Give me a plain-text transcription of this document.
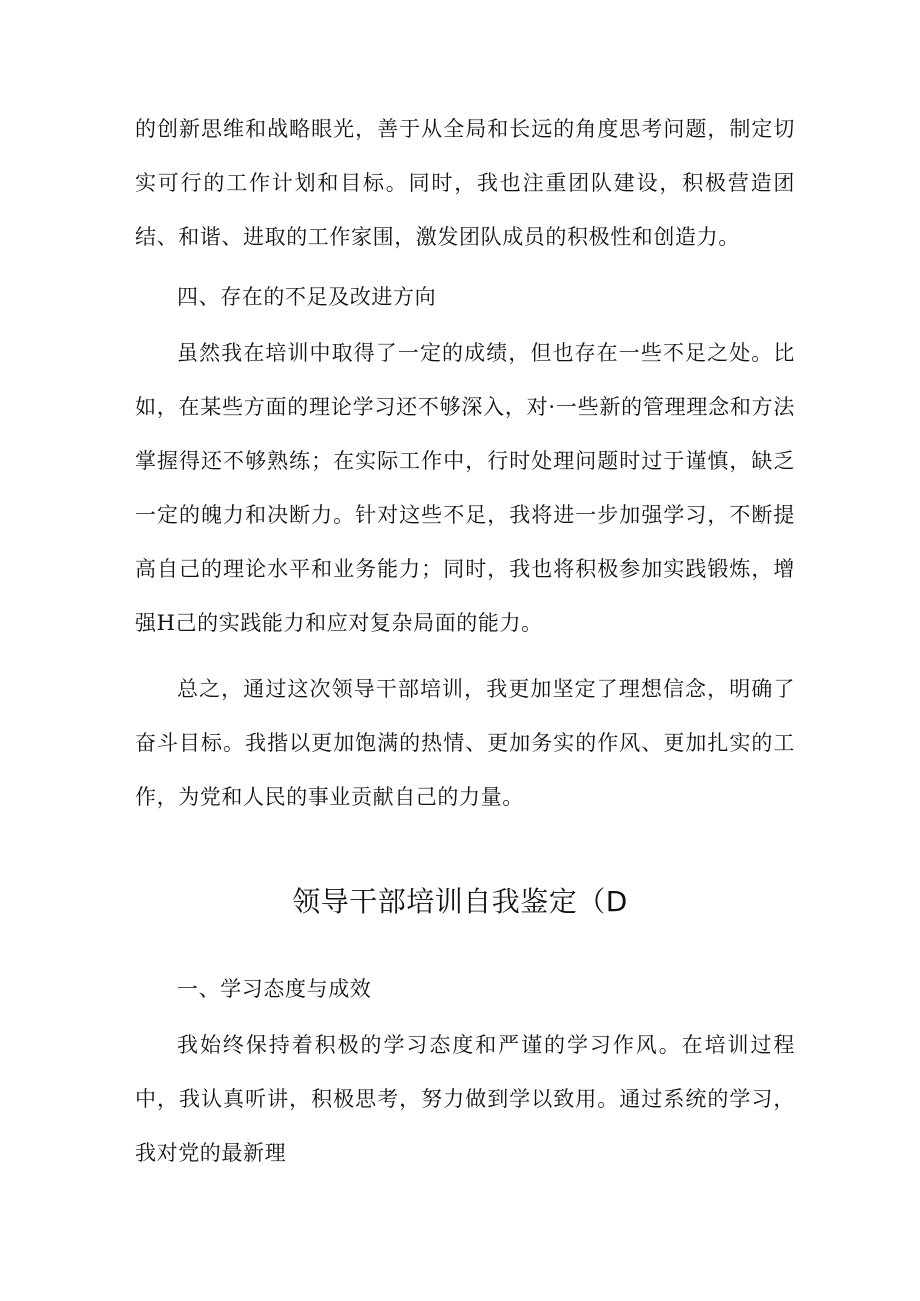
的创新思维和战略眼光，善于从全局和长远的角度思考问题，制定切实可行的工作计划和目标。同时，我也注重团队建设，积极营造团结、和谐、进取的工作家围，激发团队成员的积极性和创造力。

四、存在的不足及改进方向

虽然我在培训中取得了一定的成绩，但也存在一些不足之处。比如，在某些方面的理论学习还不够深入，对·一些新的管理理念和方法掌握得还不够熟练；在实际工作中，行时处理问题时过于谨慎，缺乏一定的魄力和决断力。针对这些不足，我将进一步加强学习，不断提高自己的理论水平和业务能力；同时，我也将积极参加实践锻炼，增强H己的实践能力和应对复杂局面的能力。

总之，通过这次领导干部培训，我更加坚定了理想信念，明确了奋斗目标。我揩以更加饱满的热情、更加务实的作风、更加扎实的工作，为党和人民的事业贡献自己的力量。

领导干部培训自我鉴定（D

一、学习态度与成效

我始终保持着积极的学习态度和严谨的学习作风。在培训过程中，我认真听讲，积极思考，努力做到学以致用。通过系统的学习，我对党的最新理
